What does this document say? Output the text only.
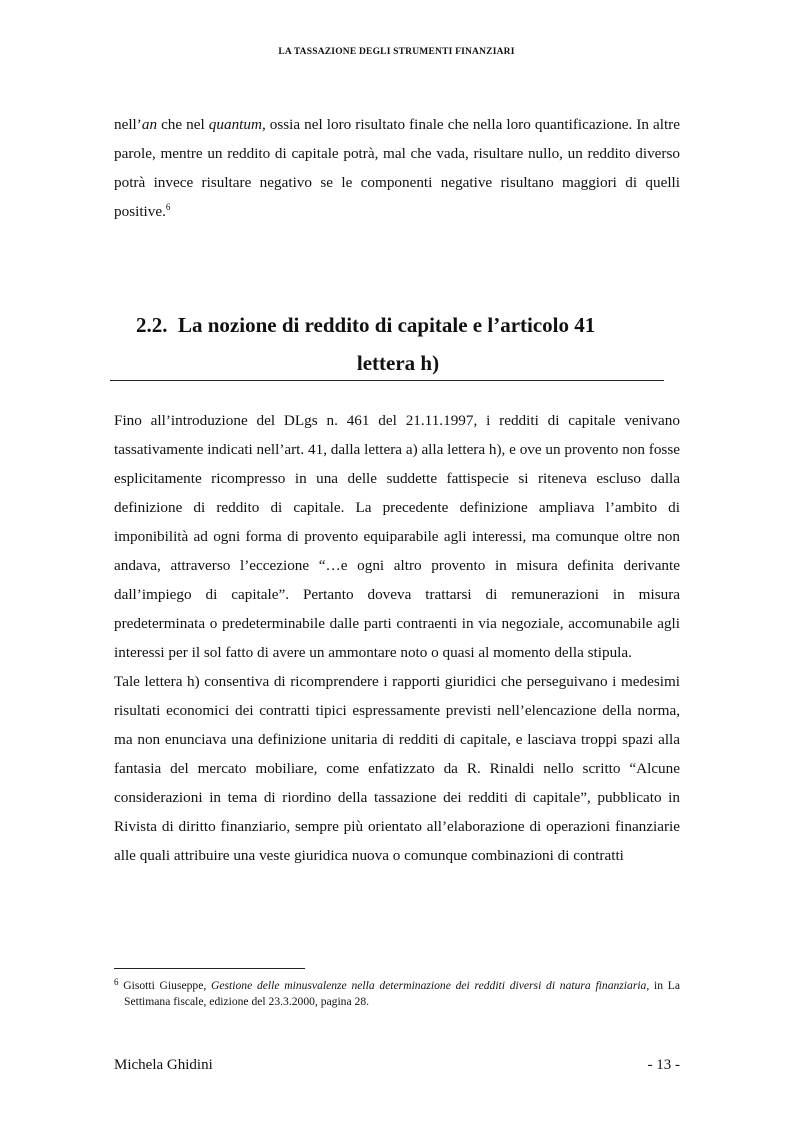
LA TASSAZIONE DEGLI STRUMENTI FINANZIARI

nell’an che nel quantum, ossia nel loro risultato finale che nella loro quantificazione. In altre parole, mentre un reddito di capitale potrà, mal che vada, risultare nullo, un reddito diverso potrà invece risultare negativo se le componenti negative risultano maggiori di quelli positive.$^6$

2.2. La nozione di reddito di capitale e l’articolo 41
lettera h)

Fino all’introduzione del DLgs n. 461 del 21.11.1997, i redditi di capitale venivano tassativamente indicati nell’art. 41, dalla lettera a) alla lettera h), e ove un provento non fosse esplicitamente ricompresso in una delle suddette fattispecie si riteneva escluso dalla definizione di reddito di capitale. La precedente definizione ampliava l’ambito di imponibilità ad ogni forma di provento equiparabile agli interessi, ma comunque oltre non andava, attraverso l’eccezione “…e ogni altro provento in misura definita derivante dall’impiego di capitale”. Pertanto doveva trattarsi di remunerazioni in misura predeterminata o predeterminabile dalle parti contraenti in via negoziale, accomunabile agli interessi per il sol fatto di avere un ammontare noto o quasi al momento della stipula.

Tale lettera h) consentiva di ricomprendere i rapporti giuridici che perseguivano i medesimi risultati economici dei contratti tipici espressamente previsti nell’elencazione della norma, ma non enunciava una definizione unitaria di redditi di capitale, e lasciava troppi spazi alla fantasia del mercato mobiliare, come enfatizzato da R. Rinaldi nello scritto “Alcune considerazioni in tema di riordino della tassazione dei redditi di capitale”, pubblicato in Rivista di diritto finanziario, sempre più orientato all’elaborazione di operazioni finanziarie alle quali attribuire una veste giuridica nuova o comunque combinazioni di contratti

$^6$ Gisotti Giuseppe, Gestione delle minusvalenze nella determinazione dei redditi diversi di natura finanziaria, in La Settimana fiscale, edizione del 23.3.2000, pagina 28.
Michela Ghidini	- 13 -
